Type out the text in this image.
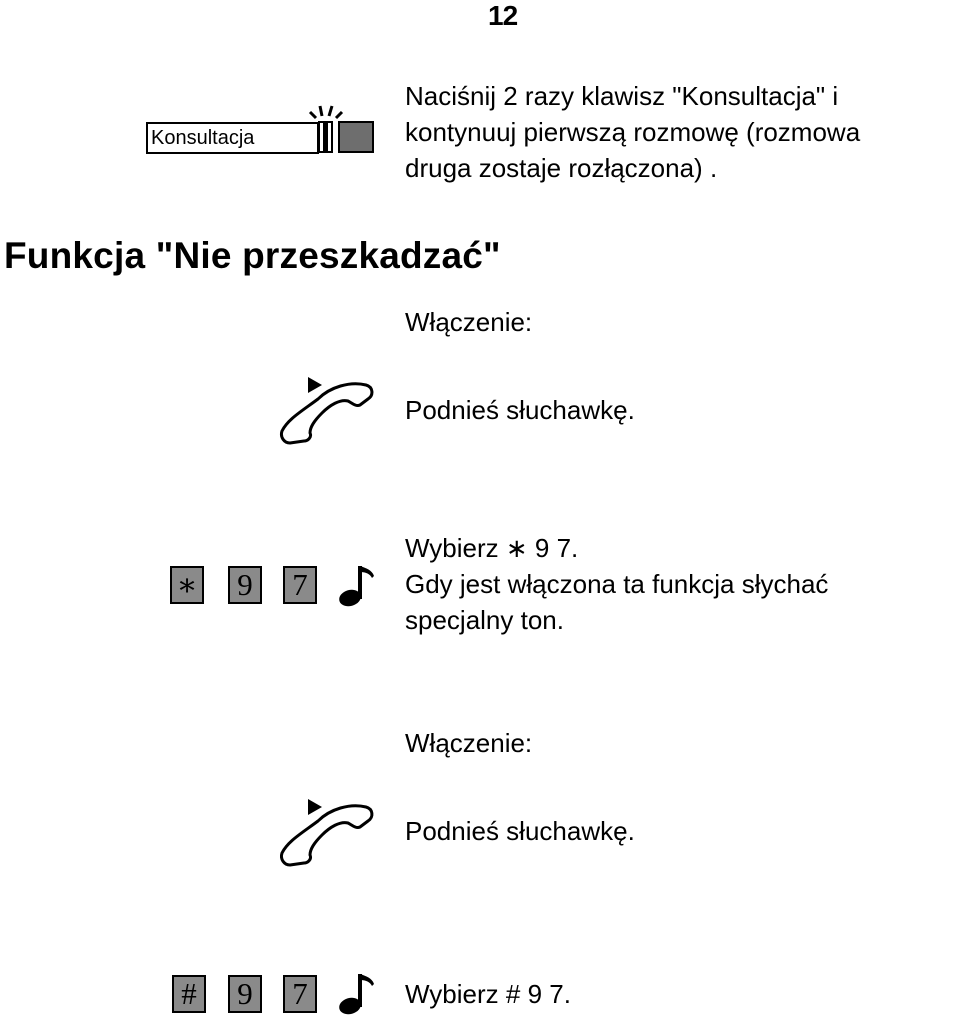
12
Konsultacja
Naciśnij 2 razy klawisz "Konsultacja" i
kontynuuj pierwszą rozmowę (rozmowa
druga zostaje rozłączona) .
Funkcja "Nie przeszkadzać"
Włączenie:
Podnieś słuchawkę.
∗ 9 7
Wybierz ∗ 9 7.
Gdy jest włączona ta funkcja słychać
specjalny ton.
Włączenie:
Podnieś słuchawkę.
# 9 7	Wybierz # 9 7.
